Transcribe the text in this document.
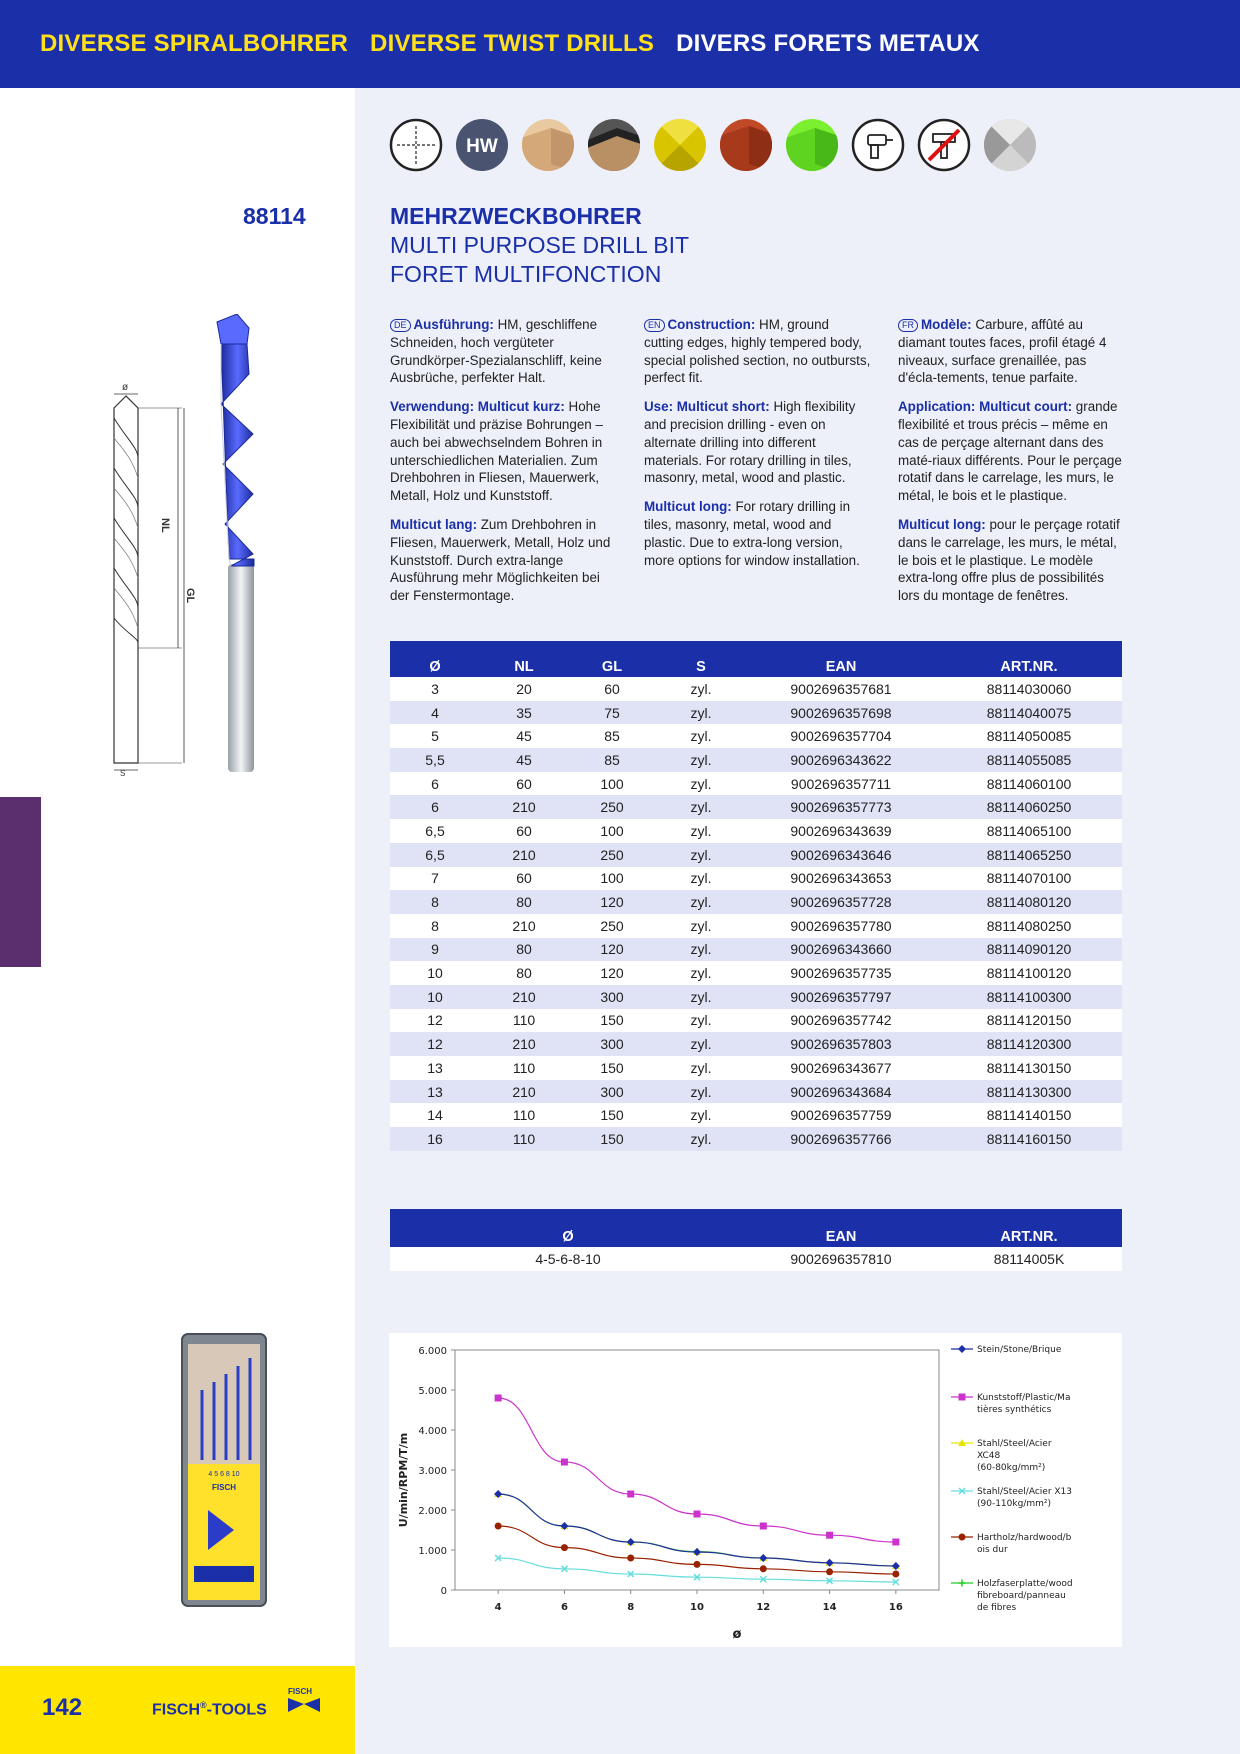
DIVERSE SPIRALBOHRER DIVERSE TWIST DRILLS DIVERS FORETS METAUX
HW
88114	MEHRZWECKBOHRER
MULTI PURPOSE DRILL BIT
FORET MULTIFONCTION
ø
NL
GL
S

DE Ausführung: HM, geschliffene Schneiden, hoch vergüteter Grundkörper-Spezialanschliff, keine Ausbrüche, perfekter Halt.

Verwendung: Multicut kurz: Hohe Flexibilität und präzise Bohrungen – auch bei abwechselndem Bohren in unterschiedlichen Materialien. Zum Drehbohren in Fliesen, Mauerwerk, Metall, Holz und Kunststoff.

Multicut lang: Zum Drehbohren in Fliesen, Mauerwerk, Metall, Holz und Kunststoff. Durch extra-lange Ausführung mehr Möglichkeiten bei der Fenstermontage.

EN Construction: HM, ground cutting edges, highly tempered body, special polished section, no outbursts, perfect fit.

Use: Multicut short: High flexibility and precision drilling - even on alternate drilling into different materials. For rotary drilling in tiles, masonry, metal, wood and plastic.

Multicut long: For rotary drilling in tiles, masonry, metal, wood and plastic. Due to extra-long version, more options for window installation.

FR Modèle: Carbure, affûté au diamant toutes faces, profil étagé 4 niveaux, surface grenaillée, pas d'écla-tements, tenue parfaite.

Application: Multicut court: grande flexibilité et trous précis – même en cas de perçage alternant dans des maté-riaux différents. Pour le perçage rotatif dans le carrelage, les murs, le métal, le bois et le plastique.

Multicut long: pour le perçage rotatif dans le carrelage, les murs, le métal, le bois et le plastique. Le modèle extra-long offre plus de possibilités lors du montage de fenêtres.

Ø	NL	GL	S	EAN	ART.NR.
3	20	60	zyl.	9002696357681	88114030060
4	35	75	zyl.	9002696357698	88114040075
5	45	85	zyl.	9002696357704	88114050085
5,5	45	85	zyl.	9002696343622	88114055085
6	60	100	zyl.	9002696357711	88114060100
6	210	250	zyl.	9002696357773	88114060250
6,5	60	100	zyl.	9002696343639	88114065100
6,5	210	250	zyl.	9002696343646	88114065250
7	60	100	zyl.	9002696343653	88114070100
8	80	120	zyl.	9002696357728	88114080120
8	210	250	zyl.	9002696357780	88114080250
9	80	120	zyl.	9002696343660	88114090120
10	80	120	zyl.	9002696357735	88114100120
10	210	300	zyl.	9002696357797	88114100300
12	110	150	zyl.	9002696357742	88114120150
12	210	300	zyl.	9002696357803	88114120300
13	110	150	zyl.	9002696343677	88114130150
13	210	300	zyl.	9002696343684	88114130300
14	110	150	zyl.	9002696357759	88114140150
16	110	150	zyl.	9002696357766	88114160150
Ø	EAN	ART.NR.
4-5-6-8-10	9002696357810	88114005K
4 5 6 8 10
FISCH
0
1.000
2.000
3.000
4.000
5.000
6.000
4	6	8	10	12	14	16
ø
U/min/RPM/T/m
Stein/Stone/Brique
Kunststoff/Plastic/Ma
tières synthétics
Stahl/Steel/Acier
XC48
(60-80kg/mm²)
Stahl/Steel/Acier X13
(90-110kg/mm²)
Hartholz/hardwood/b
ois dur
Holzfaserplatte/wood
fibreboard/panneau
de fibres
142	FISCH®-TOOLS
FISCH
